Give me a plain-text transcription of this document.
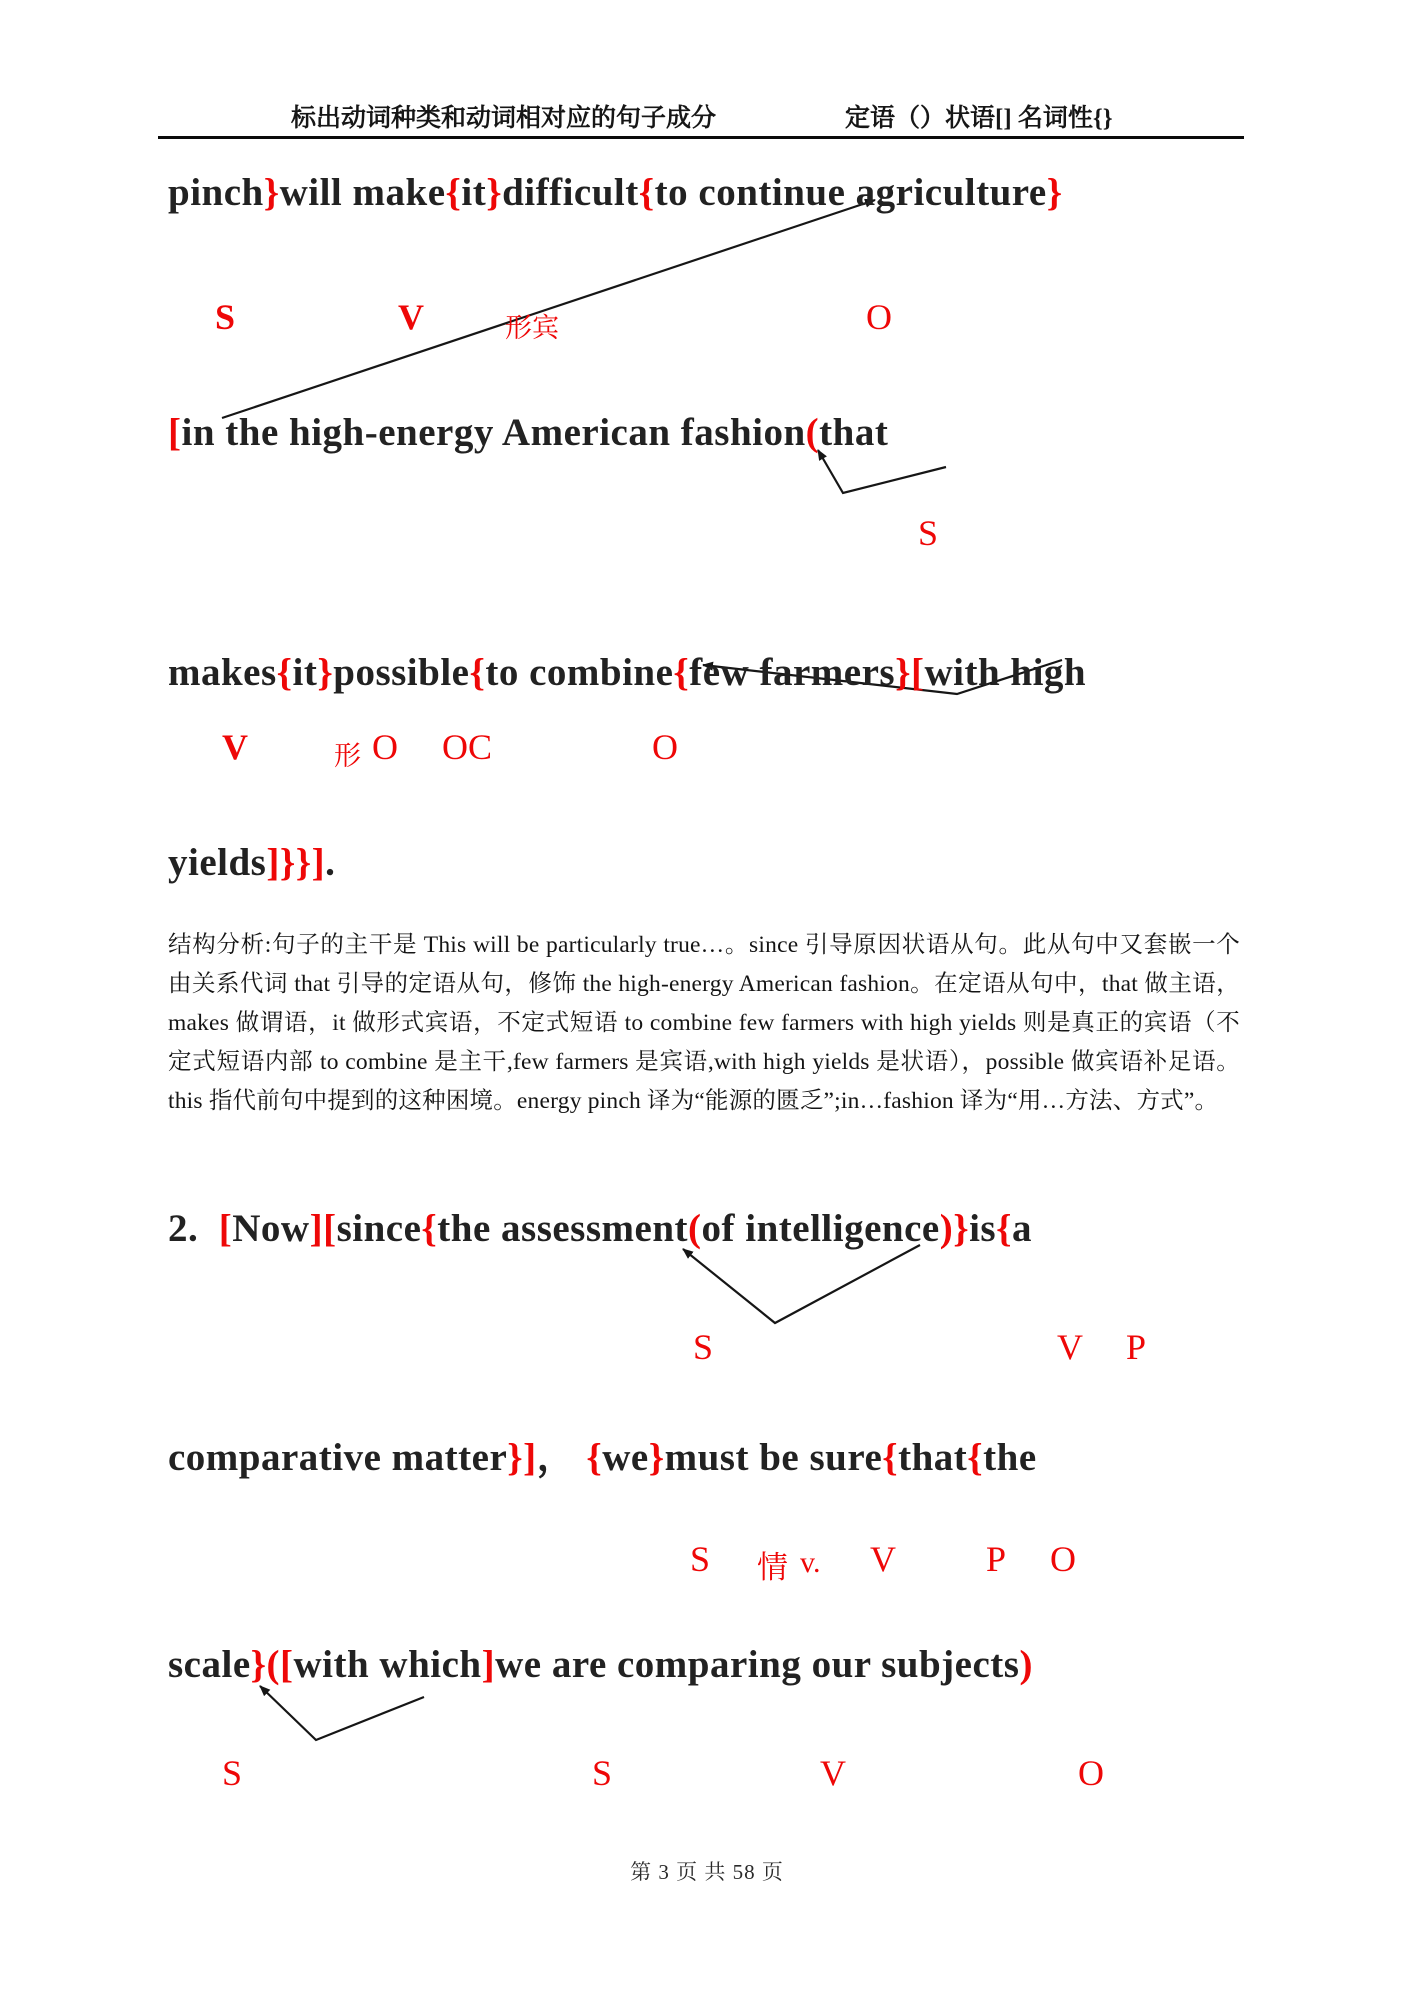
标出动词种类和动词相对应的句子成分	定语（）状语[] 名词性{}
pinch}will make{it}difficult{to continue agriculture}
S	V	形宾	O
[in the high-energy American fashion(that
S
makes{it}possible{to combine{few farmers}[with high
V	形 O OC	O
yields]}}].
结构分析:句子的主干是 This will be particularly true…。since 引导原因状语从句。此从句中又套嵌一个由关系代词 that 引导的定语从句，修饰 the high-energy American fashion。在定语从句中，that 做主语，makes 做谓语，it 做形式宾语，不定式短语 to combine few farmers with high yields 则是真正的宾语（不定式短语内部 to combine 是主干,few farmers 是宾语,with high yields 是状语），possible 做宾语补足语。this 指代前句中提到的这种困境。energy pinch 译为“能源的匮乏”;in…fashion 译为“用…方法、方式”。
2.  [Now][since{the assessment(of intelligence)}is{a
S	V P
comparative matter}]， {we}must be sure{that{the
S 情 v. V	P O
scale}([with which]we are comparing our subjects)
S	S	V	O
第 3 页 共 58 页
